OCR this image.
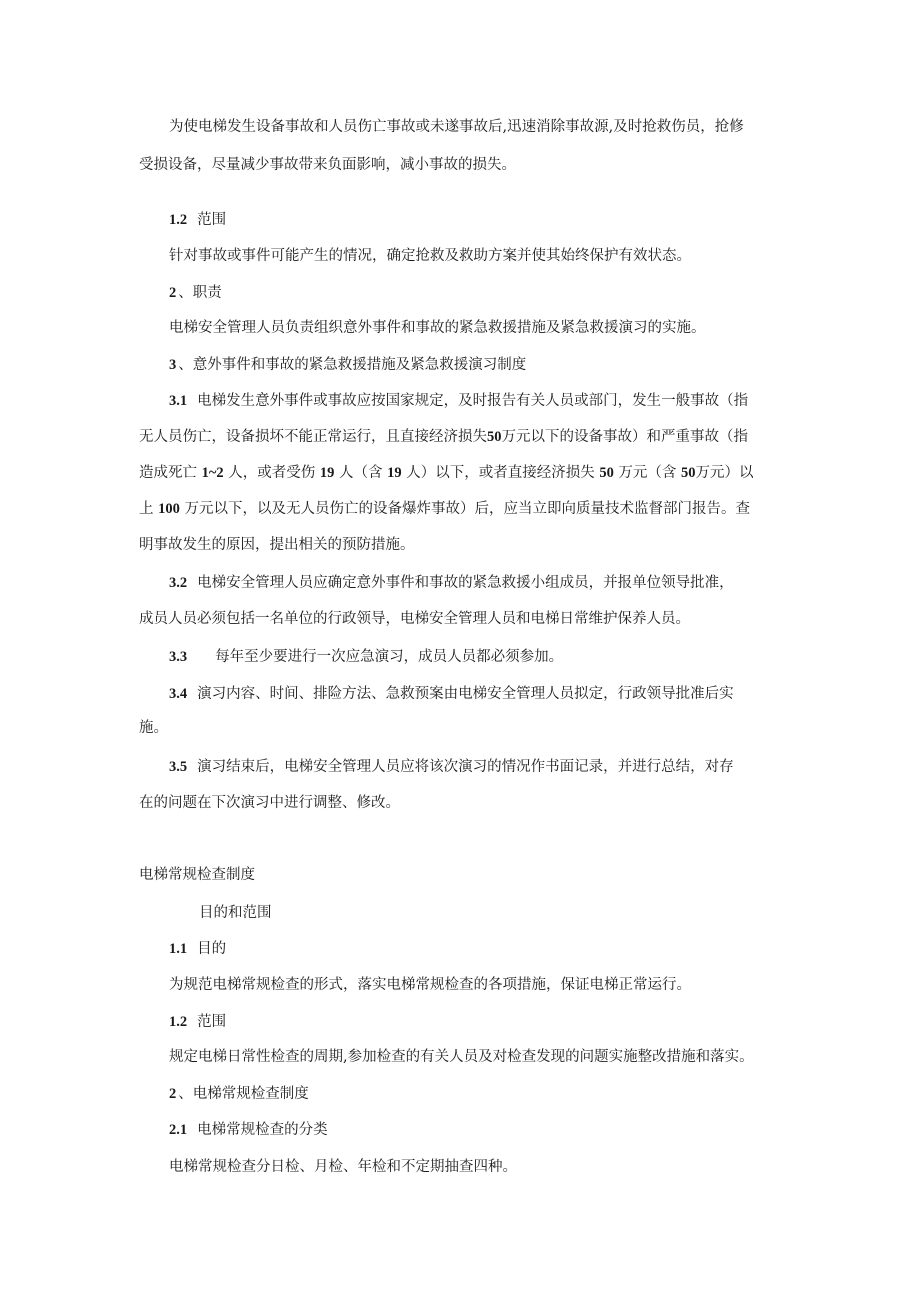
为使电梯发生设备事故和人员伤亡事故或未遂事故后,迅速消除事故源,及时抢救伤员，抢修
受损设备，尽量减少事故带来负面影响，减小事故的损失。
1.2 范围
针对事故或事件可能产生的情况，确定抢救及救助方案并使其始终保护有效状态。
2 、职责
电梯安全管理人员负责组织意外事件和事故的紧急救援措施及紧急救援演习的实施。
3 、意外事件和事故的紧急救援措施及紧急救援演习制度
3.1 电梯发生意外事件或事故应按国家规定，及时报告有关人员或部门，发生一般事故（指
无人员伤亡，设备损坏不能正常运行，且直接经济损失50万元以下的设备事故）和严重事故（指
造成死亡 1~2 人，或者受伤 19 人（含 19 人）以下，或者直接经济损失 50 万元（含 50万元）以
上 100 万元以下，以及无人员伤亡的设备爆炸事故）后，应当立即向质量技术监督部门报告。查
明事故发生的原因，提出相关的预防措施。
3.2 电梯安全管理人员应确定意外事件和事故的紧急救援小组成员，并报单位领导批准，
成员人员必须包括一名单位的行政领导，电梯安全管理人员和电梯日常维护保养人员。
3.3 每年至少要进行一次应急演习，成员人员都必须参加。
3.4 演习内容、时间、排险方法、急救预案由电梯安全管理人员拟定，行政领导批准后实
施。
3.5 演习结束后，电梯安全管理人员应将该次演习的情况作书面记录，并进行总结，对存
在的问题在下次演习中进行调整、修改。
电梯常规检查制度
目的和范围
1.1 目的
为规范电梯常规检查的形式，落实电梯常规检查的各项措施，保证电梯正常运行。
1.2 范围
规定电梯日常性检查的周期,参加检查的有关人员及对检查发现的问题实施整改措施和落实。
2 、电梯常规检查制度
2.1 电梯常规检查的分类
电梯常规检查分日检、月检、年检和不定期抽查四种。
